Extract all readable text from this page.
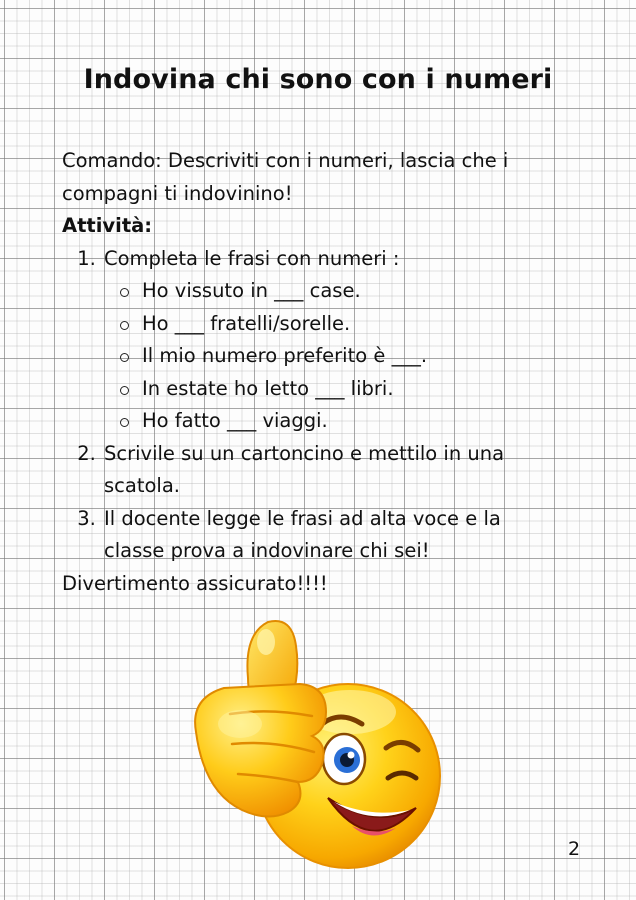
Indovina chi sono con i numeri

Comando: Descriviti con i numeri, lascia che i compagni ti indovinino!

Attività:

1. Completa le frasi con numeri :
Ho vissuto in ___ case.
Ho ___ fratelli/sorelle.
Il mio numero preferito è ___.
In estate ho letto ___ libri.
Ho fatto ___ viaggi.
2. Scrivile su un cartoncino e mettilo in una scatola.
3. Il docente legge le frasi ad alta voce e la classe prova a indovinare chi sei!

Divertimento assicurato!!!!

2
